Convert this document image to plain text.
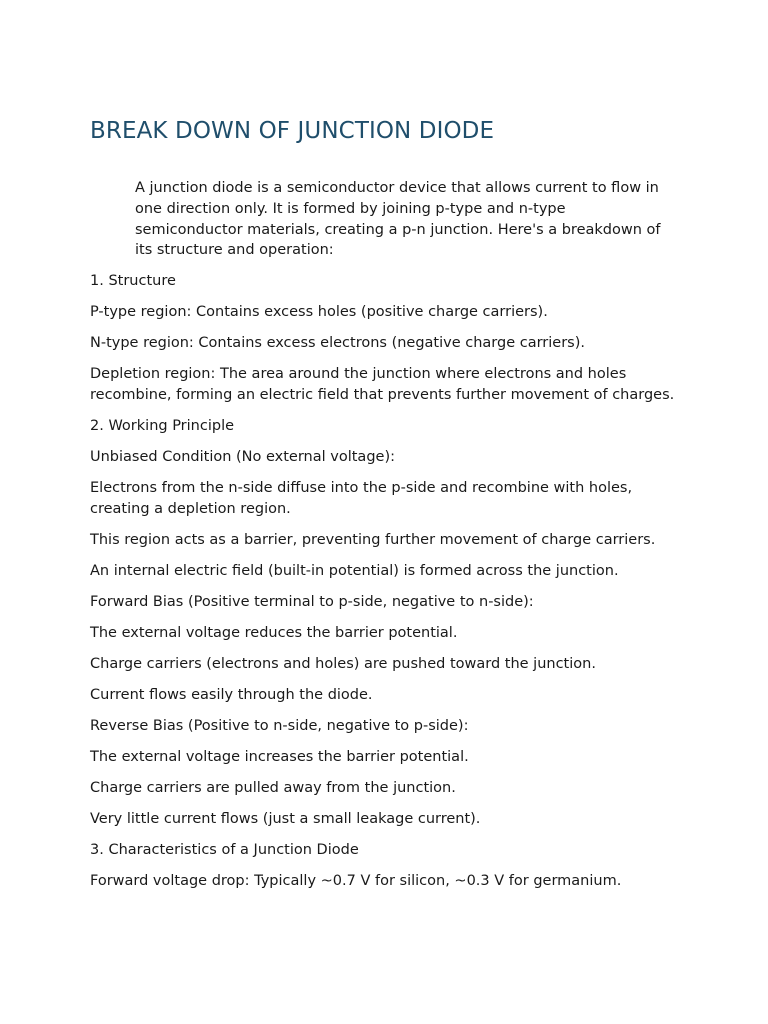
BREAK DOWN OF JUNCTION DIODE

A junction diode is a semiconductor device that allows current to flow in one direction only. It is formed by joining p-type and n-type semiconductor materials, creating a p-n junction. Here's a breakdown of its structure and operation:

1. Structure

P-type region: Contains excess holes (positive charge carriers).

N-type region: Contains excess electrons (negative charge carriers).

Depletion region: The area around the junction where electrons and holes recombine, forming an electric field that prevents further movement of charges.

2. Working Principle

Unbiased Condition (No external voltage):

Electrons from the n-side diffuse into the p-side and recombine with holes, creating a depletion region.

This region acts as a barrier, preventing further movement of charge carriers.

An internal electric field (built-in potential) is formed across the junction.

Forward Bias (Positive terminal to p-side, negative to n-side):

The external voltage reduces the barrier potential.

Charge carriers (electrons and holes) are pushed toward the junction.

Current flows easily through the diode.

Reverse Bias (Positive to n-side, negative to p-side):

The external voltage increases the barrier potential.

Charge carriers are pulled away from the junction.

Very little current flows (just a small leakage current).

3. Characteristics of a Junction Diode

Forward voltage drop: Typically ~0.7 V for silicon, ~0.3 V for germanium.
